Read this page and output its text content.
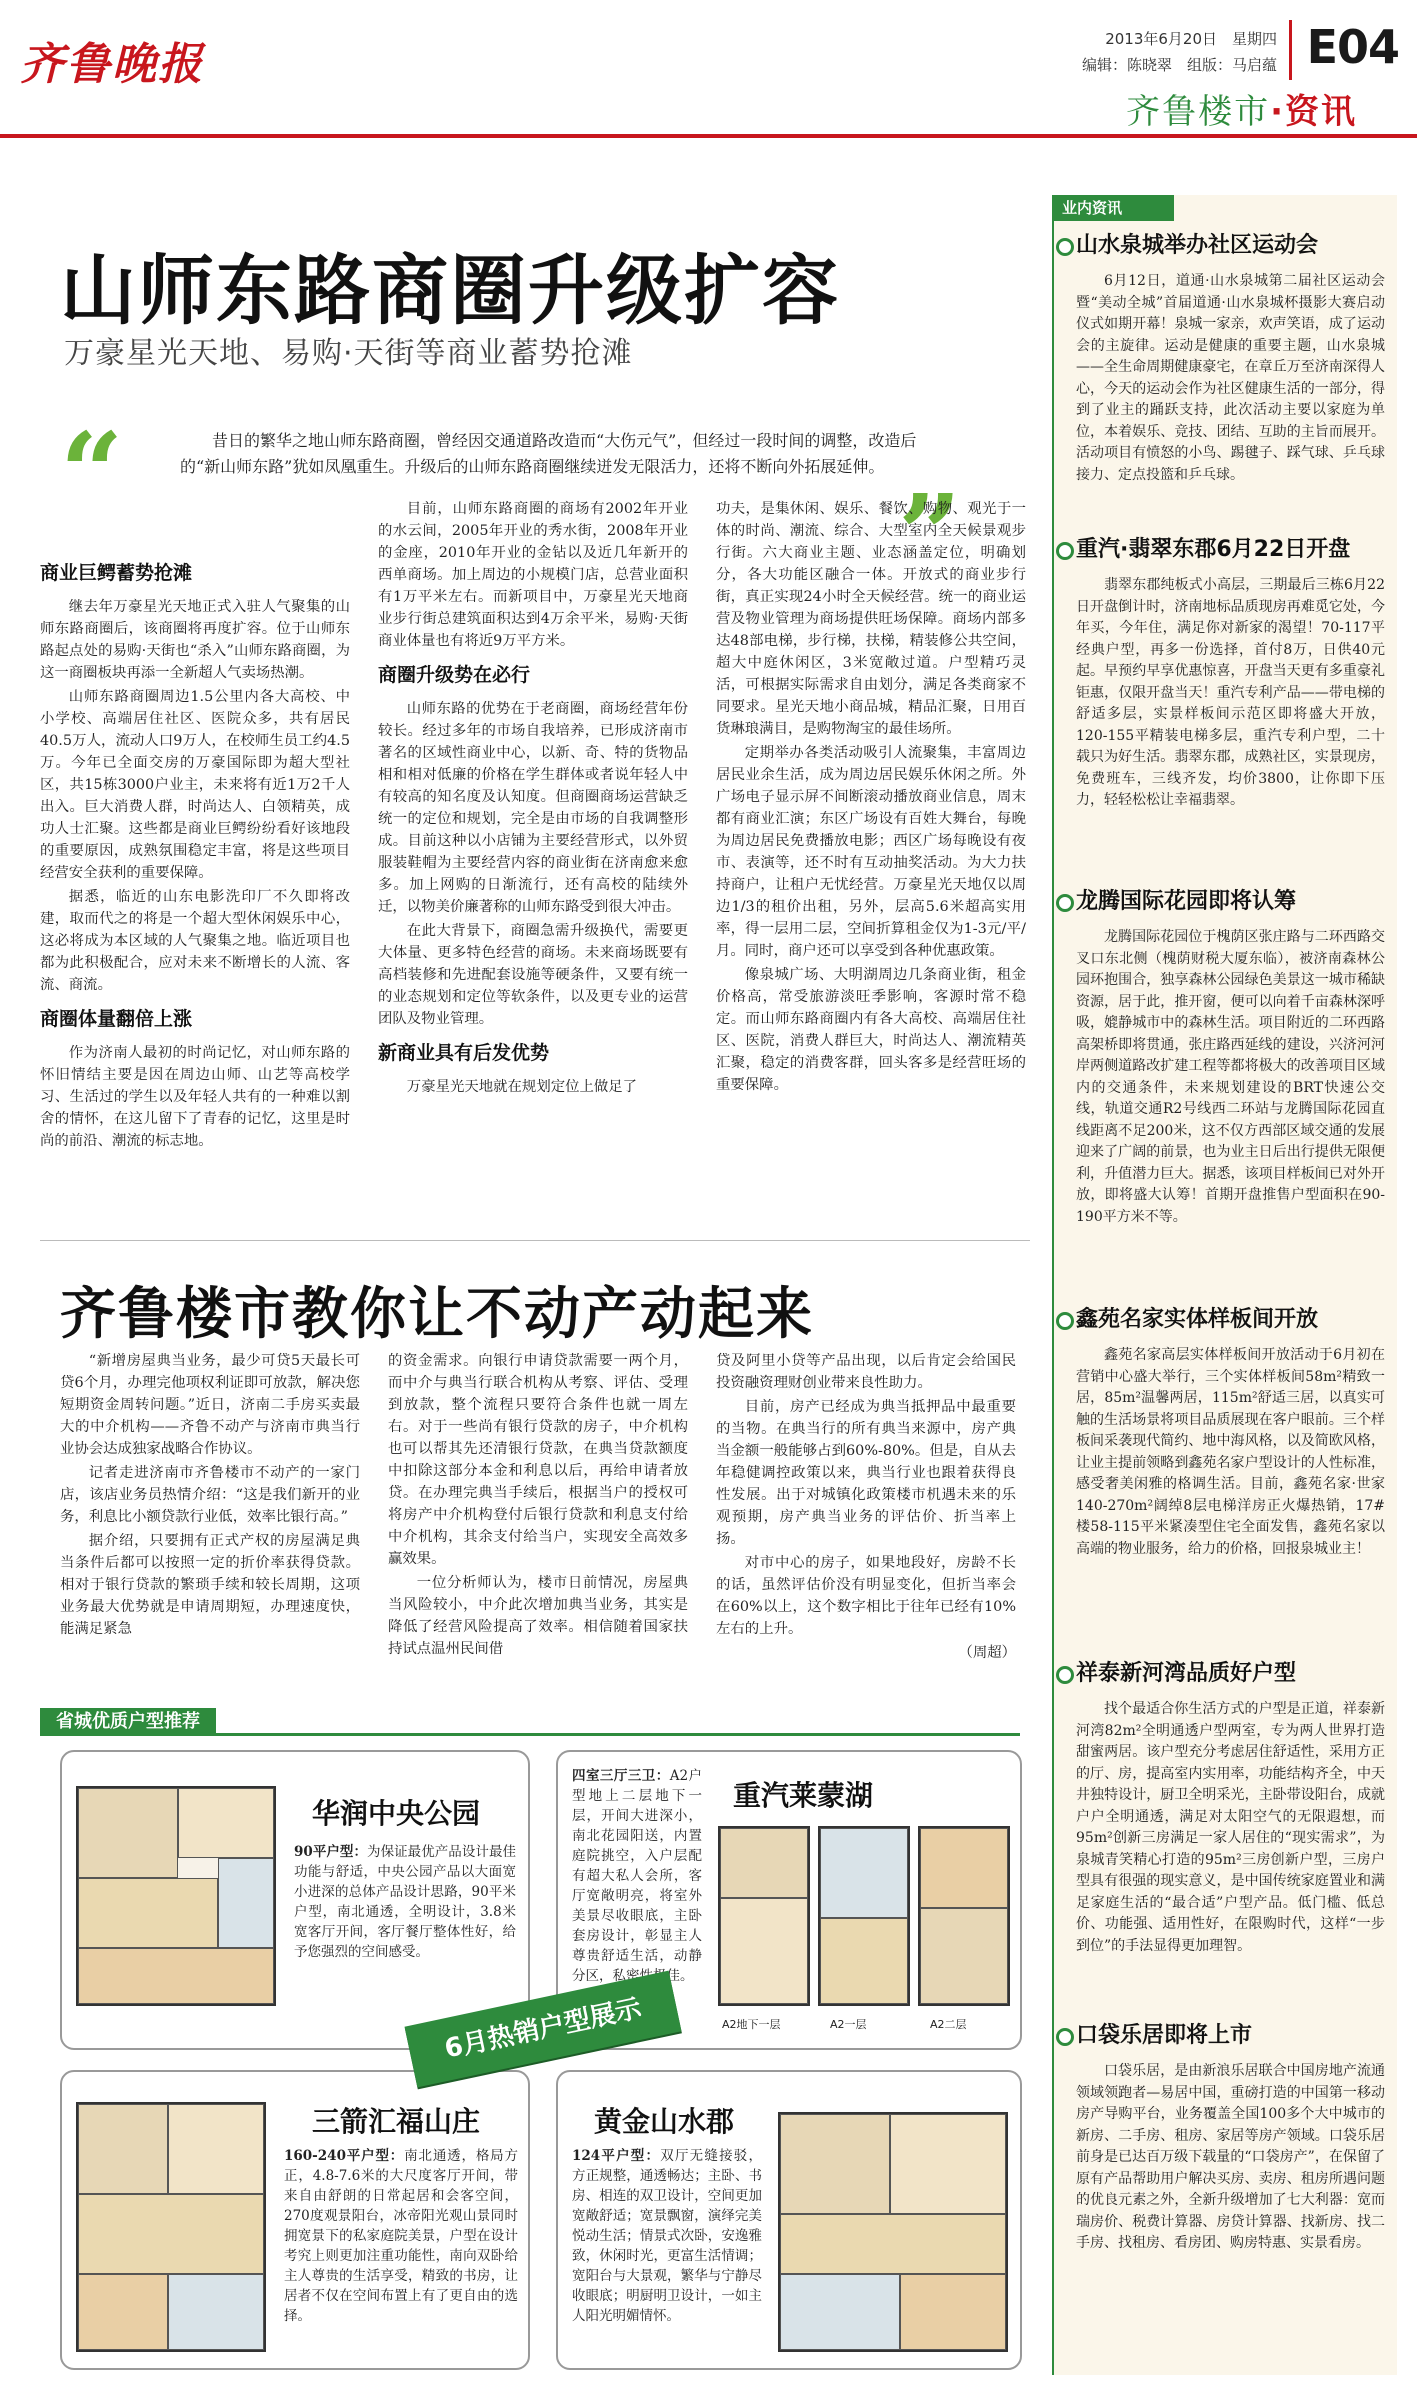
齐鲁晚报	2013年6月20日　星期四
编辑：陈晓翠　组版：马启蕴 E04
齐鲁楼市·资讯
山师东路商圈升级扩容
万豪星光天地、易购·天街等商业蓄势抢滩
“	昔日的繁华之地山师东路商圈，曾经因交通道路改造而“大伤元气”，但经过一段时间的调整，改造后的“新山师东路”犹如凤凰重生。升级后的山师东路商圈继续迸发无限活力，还将不断向外拓展延伸。
”
商业巨鳄蓄势抢滩

继去年万豪星光天地正式入驻人气聚集的山师东路商圈后，该商圈将再度扩容。位于山师东路起点处的易购·天街也“杀入”山师东路商圈，为这一商圈板块再添一全新超人气卖场热潮。

山师东路商圈周边1.5公里内各大高校、中小学校、高端居住社区、医院众多，共有居民40.5万人，流动人口9万人，在校师生员工约4.5万。今年已全面交房的万豪国际即为超大型社区，共15栋3000户业主，未来将有近1万2千人出入。巨大消费人群，时尚达人、白领精英，成功人士汇聚。这些都是商业巨鳄纷纷看好该地段的重要原因，成熟氛围稳定丰富，将是这些项目经营安全获利的重要保障。

据悉，临近的山东电影洗印厂不久即将改建，取而代之的将是一个超大型休闲娱乐中心，这必将成为本区域的人气聚集之地。临近项目也都为此积极配合，应对未来不断增长的人流、客流、商流。

商圈体量翻倍上涨

作为济南人最初的时尚记忆，对山师东路的怀旧情结主要是因在周边山师、山艺等高校学习、生活过的学生以及年轻人共有的一种难以割舍的情怀，在这儿留下了青春的记忆，这里是时尚的前沿、潮流的标志地。

目前，山师东路商圈的商场有2002年开业的水云间，2005年开业的秀水街，2008年开业的金座，2010年开业的金钻以及近几年新开的西单商场。加上周边的小规模门店，总营业面积有1万平米左右。而新项目中，万豪星光天地商业步行街总建筑面积达到4万余平米，易购·天街商业体量也有将近9万平方米。

商圈升级势在必行

山师东路的优势在于老商圈，商场经营年份较长。经过多年的市场自我培养，已形成济南市著名的区域性商业中心，以新、奇、特的货物品相和相对低廉的价格在学生群体或者说年轻人中有较高的知名度及认知度。但商圈商场运营缺乏统一的定位和规划，完全是由市场的自我调整形成。目前这种以小店铺为主要经营形式，以外贸服装鞋帽为主要经营内容的商业街在济南愈来愈多。加上网购的日渐流行，还有高校的陆续外迁，以物美价廉著称的山师东路受到很大冲击。

在此大背景下，商圈急需升级换代，需要更大体量、更多特色经营的商场。未来商场既要有高档装修和先进配套设施等硬条件，又要有统一的业态规划和定位等软条件，以及更专业的运营团队及物业管理。

新商业具有后发优势

万豪星光天地就在规划定位上做足了

功夫，是集休闲、娱乐、餐饮、购物、观光于一体的时尚、潮流、综合、大型室内全天候景观步行街。六大商业主题、业态涵盖定位，明确划分，各大功能区融合一体。开放式的商业步行街，真正实现24小时全天候经营。统一的商业运营及物业管理为商场提供旺场保障。商场内部多达48部电梯，步行梯，扶梯，精装修公共空间，超大中庭休闲区，3米宽敞过道。户型精巧灵活，可根据实际需求自由划分，满足各类商家不同要求。星光天地小商品城，精品汇聚，日用百货琳琅满目，是购物淘宝的最佳场所。

定期举办各类活动吸引人流聚集，丰富周边居民业余生活，成为周边居民娱乐休闲之所。外广场电子显示屏不间断滚动播放商业信息，周末都有商业汇演；东区广场设有百姓大舞台，每晚为周边居民免费播放电影；西区广场每晚设有夜市、表演等，还不时有互动抽奖活动。为大力扶持商户，让租户无忧经营。万豪星光天地仅以周边1/3的租价出租，另外，层高5.6米超高实用率，得一层用二层，空间折算租金仅为1-3元/平/月。同时，商户还可以享受到各种优惠政策。

像泉城广场、大明湖周边几条商业街，租金价格高，常受旅游淡旺季影响，客源时常不稳定。而山师东路商圈内有各大高校、高端居住社区、医院，消费人群巨大，时尚达人、潮流精英汇聚，稳定的消费客群，回头客多是经营旺场的重要保障。

齐鲁楼市教你让不动产动起来

“新增房屋典当业务，最少可贷5天最长可贷6个月，办理完他项权利证即可放款，解决您短期资金周转问题。”近日，济南二手房买卖最大的中介机构——齐鲁不动产与济南市典当行业协会达成独家战略合作协议。

记者走进济南市齐鲁楼市不动产的一家门店，该店业务员热情介绍：“这是我们新开的业务，利息比小额贷款行业低，效率比银行高。”

据介绍，只要拥有正式产权的房屋满足典当条件后都可以按照一定的折价率获得贷款。相对于银行贷款的繁琐手续和较长周期，这项业务最大优势就是申请周期短，办理速度快，能满足紧急

的资金需求。向银行申请贷款需要一两个月，而中介与典当行联合机构从考察、评估、受理到放款，整个流程只要符合条件也就一周左右。对于一些尚有银行贷款的房子，中介机构也可以帮其先还清银行贷款，在典当贷款额度中扣除这部分本金和利息以后，再给申请者放贷。在办理完典当手续后，根据当户的授权可将房产中介机构登付后银行贷款和利息支付给中介机构，其余支付给当户，实现安全高效多赢效果。

一位分析师认为，楼市日前情况，房屋典当风险较小，中介此次增加典当业务，其实是降低了经营风险提高了效率。相信随着国家扶持试点温州民间借

贷及阿里小贷等产品出现，以后肯定会给国民投资融资理财创业带来良性助力。

目前，房产已经成为典当抵押品中最重要的当物。在典当行的所有典当来源中，房产典当金额一般能够占到60%-80%。但是，自从去年稳健调控政策以来，典当行业也跟着获得良性发展。出于对城镇化政策楼市机遇未来的乐观预期，房产典当业务的评估价、折当率上扬。

对市中心的房子，如果地段好，房龄不长的话，虽然评估价没有明显变化，但折当率会在60%以上，这个数字相比于往年已经有10%左右的上升。

（周超）

省城优质户型推荐
华润中央公园
90平户型：为保证最优产品设计最佳功能与舒适，中央公园产品以大面宽小进深的总体产品设计思路，90平米户型，南北通透，全明设计，3.8米宽客厅开间，客厅餐厅整体性好，给予您强烈的空间感受。
四室三厅三卫：A2户型地上二层地下一层，开间大进深小，南北花园阳送，内置庭院挑空，入户层配有超大私人会所，客厅宽敞明亮，将室外美景尽收眼底，主卧套房设计，彰显主人尊贵舒适生活，动静分区，私密性极佳。
重汽莱蒙湖
A2地下一层	A2一层	A2二层
三箭汇福山庄
160-240平户型：南北通透，格局方正，4.8-7.6米的大尺度客厅开间，带来自由舒朗的日常起居和会客空间，270度观景阳台，冰帝阳光观山景同时拥宽景下的私家庭院美景，户型在设计考究上则更加注重功能性，南向双卧给主人尊贵的生活享受，精致的书房，让居者不仅在空间布置上有了更自由的选择。
黄金山水郡
124平户型：双厅无缝接驳，方正规整，通透畅达；主卧、书房、相连的双卫设计，空间更加宽敞舒适；宽景飘窗，演绎完美悦动生活；情景式次卧，安逸雅致，休闲时光，更富生活情调；宽阳台与大景观，繁华与宁静尽收眼底；明厨明卫设计，一如主人阳光明媚情怀。
6月热销户型展示
业内资讯
山水泉城举办社区运动会
6月12日，道通·山水泉城第二届社区运动会暨“美动全城”首届道通·山水泉城杯摄影大赛启动仪式如期开幕！泉城一家亲，欢声笑语，成了运动会的主旋律。运动是健康的重要主题，山水泉城——全生命周期健康豪宅，在章丘万至济南深得人心，今天的运动会作为社区健康生活的一部分，得到了业主的踊跃支持，此次活动主要以家庭为单位，本着娱乐、竞技、团结、互助的主旨而展开。活动项目有愤怒的小鸟、踢毽子、踩气球、乒乓球接力、定点投篮和乒乓球。
重汽·翡翠东郡6月22日开盘
翡翠东郡纯板式小高层，三期最后三栋6月22日开盘倒计时，济南地标品质现房再难觅它处，今年买，今年住，满足你对新家的渴望！70-117平经典户型，再多一份选择，首付8万，日供40元起。早预约早享优惠惊喜，开盘当天更有多重豪礼钜惠，仅限开盘当天！重汽专利产品——带电梯的舒适多层，实景样板间示范区即将盛大开放，120-155平精装电梯多层，重汽专利户型，二十载只为好生活。翡翠东郡，成熟社区，实景现房，免费班车，三线齐发，均价3800，让你即下压力，轻轻松松让幸福翡翠。
龙腾国际花园即将认筹
龙腾国际花园位于槐荫区张庄路与二环西路交叉口东北侧（槐荫财税大厦东临），被济南森林公园环抱围合，独享森林公园绿色美景这一城市稀缺资源，居于此，推开窗，便可以向着千亩森林深呼吸，媲静城市中的森林生活。项目附近的二环西路高架桥即将贯通，张庄路西延线的建设，兴济河河岸两侧道路改扩建工程等都将极大的改善项目区域内的交通条件，未来规划建设的BRT快速公交线，轨道交通R2号线西二环站与龙腾国际花园直线距离不足200米，这不仅方西部区域交通的发展迎来了广阔的前景，也为业主日后出行提供无限便利，升值潜力巨大。据悉，该项目样板间已对外开放，即将盛大认筹！首期开盘推售户型面积在90-190平方米不等。
鑫苑名家实体样板间开放
鑫苑名家高层实体样板间开放活动于6月初在营销中心盛大举行，三个实体样板间58m²精致一居，85m²温馨两居，115m²舒适三居，以真实可触的生活场景将项目品质展现在客户眼前。三个样板间采袭现代简约、地中海风格，以及简欧风格，让业主提前领略到鑫苑名家户型设计的人性标准，感受奢美闲雅的格调生活。目前，鑫苑名家·世家140-270m²阔绰8层电梯洋房正火爆热销，17#楼58-115平米紧凑型住宅全面发售，鑫苑名家以高端的物业服务，给力的价格，回报泉城业主！
祥泰新河湾品质好户型
找个最适合你生活方式的户型是正道，祥泰新河湾82m²全明通透户型两室，专为两人世界打造甜蜜两居。该户型充分考虑居住舒适性，采用方正的厅、房，提高室内实用率，功能结构齐全，中天井独特设计，厨卫全明采光，主卧带设阳台，成就户户全明通透，满足对太阳空气的无限遐想，而95m²创新三房满足一家人居住的“现实需求”，为泉城青笑精心打造的95m²三房创新户型，三房户型具有很强的现实意义，是中国传统家庭置业和满足家庭生活的“最合适”户型产品。低门槛、低总价、功能强、适用性好，在限购时代，这样“一步到位”的手法显得更加理智。
口袋乐居即将上市
口袋乐居，是由新浪乐居联合中国房地产流通领域领跑者—易居中国，重磅打造的中国第一移动房产导购平台，业务覆盖全国100多个大中城市的新房、二手房、租房、家居等房产领域。口袋乐居前身是已达百万级下载量的“口袋房产”，在保留了原有产品帮助用户解决买房、卖房、租房所遇问题的优良元素之外，全新升级增加了七大利器：宽而瑞房价、税费计算器、房贷计算器、找新房、找二手房、找租房、看房团、购房特惠、实景看房。
